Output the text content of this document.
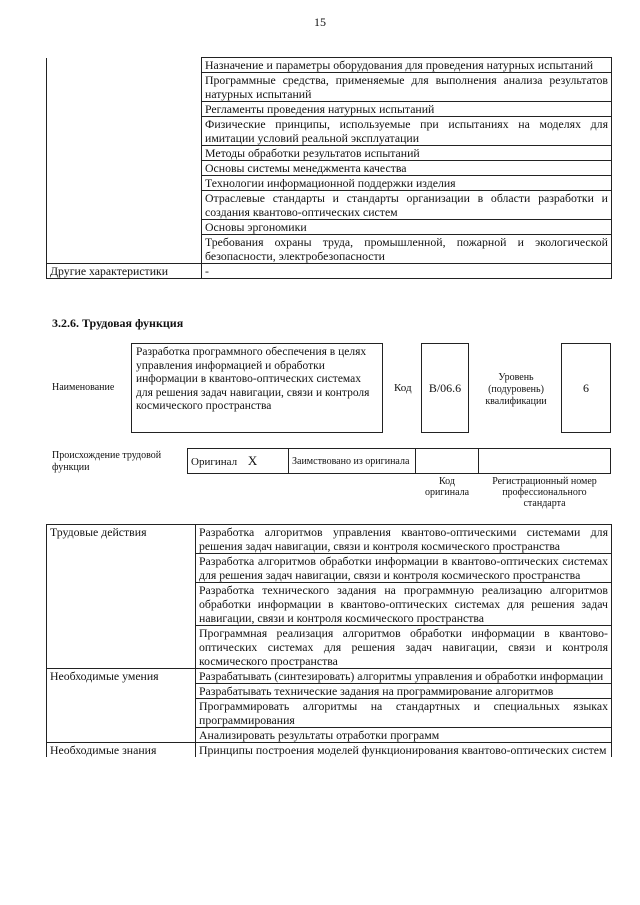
15
	Назначение и параметры оборудования для проведения натурных испытаний
	Программные средства, применяемые для выполнения анализа результатов натурных испытаний
	Регламенты проведения натурных испытаний
	Физические принципы, используемые при испытаниях на моделях для имитации условий реальной эксплуатации
	Методы обработки результатов испытаний
	Основы системы менеджмента качества
	Технологии информационной поддержки изделия
	Отраслевые стандарты и стандарты организации в области разработки и создания квантово-оптических систем
	Основы эргономики
	Требования охраны труда, промышленной, пожарной и экологической безопасности, электробезопасности
Другие характеристики	-
3.2.6. Трудовая функция
Наименование
Разработка программного обеспечения в целях управления информацией и обработки информации в квантово-оптических системах для решения задач навигации, связи и контроля космического пространства
Код	B/06.6
Уровень (подуровень) квалификации
6
Происхождение трудовой функции	Оригинал X	Заимствовано из оригинала		
		Код оригинала	Регистрационный номер профессионального стандарта
Трудовые действия	Разработка алгоритмов управления квантово-оптическими системами для решения задач навигации, связи и контроля космического пространства
	Разработка алгоритмов обработки информации в квантово-оптических системах для решения задач навигации, связи и контроля космического пространства
	Разработка технического задания на программную реализацию алгоритмов обработки информации в квантово-оптических системах для решения задач навигации, связи и контроля космического пространства
	Программная реализация алгоритмов обработки информации в квантово-оптических системах для решения задач навигации, связи и контроля космического пространства
Необходимые умения	Разрабатывать (синтезировать) алгоритмы управления и обработки информации
	Разрабатывать технические задания на программирование алгоритмов
	Программировать алгоритмы на стандартных и специальных языках программирования
	Анализировать результаты отработки программ
Необходимые знания	Принципы построения моделей функционирования квантово-оптических систем
